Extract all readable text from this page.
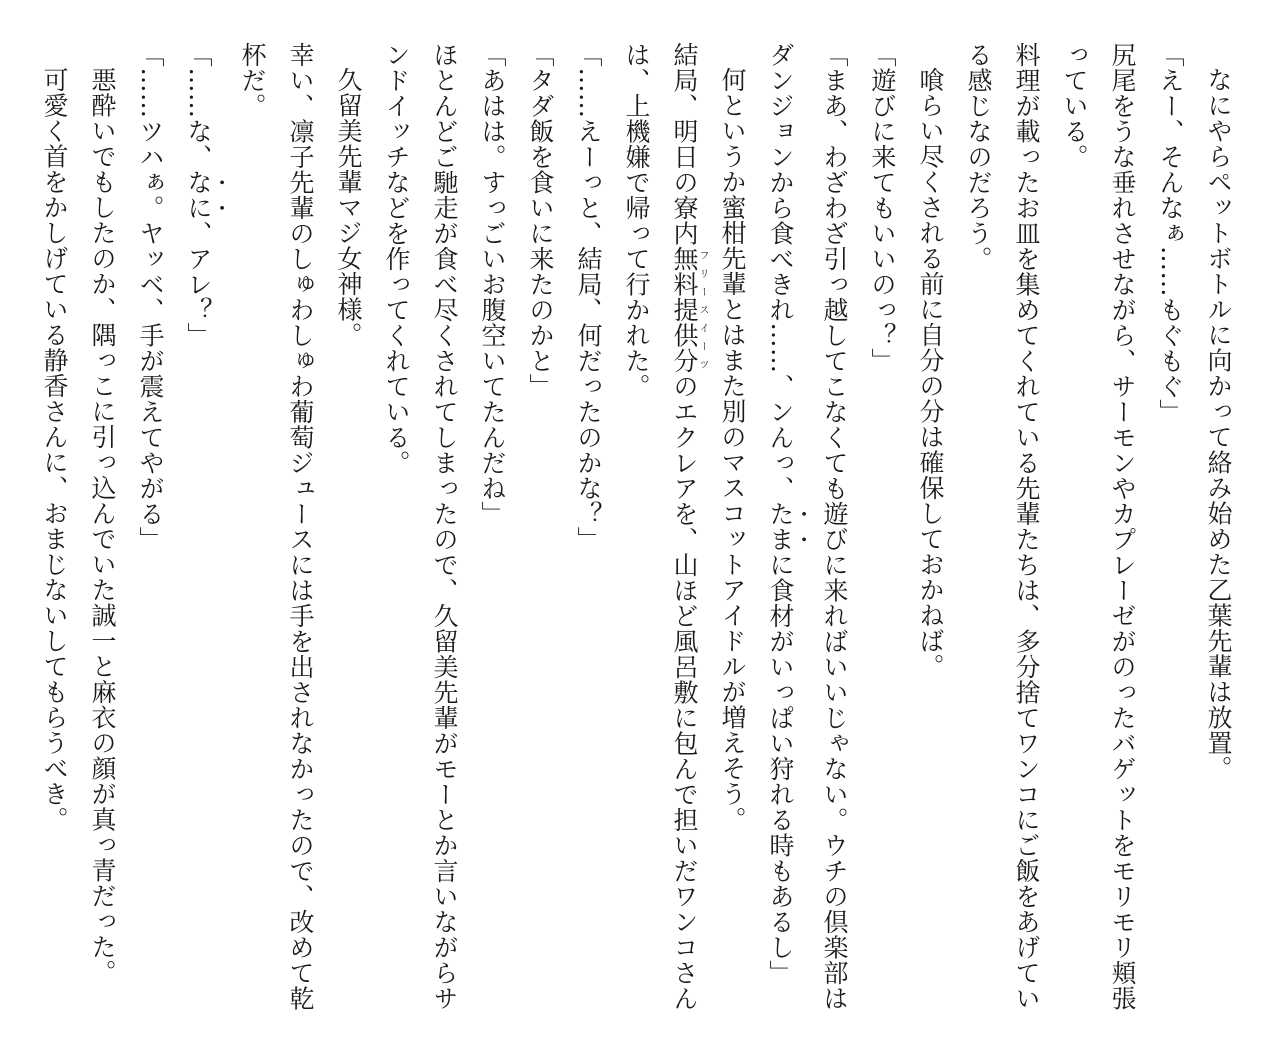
なにやらペットボトルに向かって絡み始めた乙葉先輩は放置。
「えー、そんなぁ……もぐもぐ」
尻尾をうな垂れさせながら、サーモンやカプレーゼがのったバゲットをモリモリ頬張っている。
料理が載ったお皿を集めてくれている先輩たちは、多分捨てワンコにご飯をあげている感じなのだろう。
喰らい尽くされる前に自分の分は確保しておかねば。
「遊びに来てもいいのっ？」
「まあ、わざわざ引っ越してこなくても遊びに来ればいいじゃない。ウチの倶楽部はダンジョンから食べきれ……、ンんっ、たまに食材がいっぱい狩れる時もあるし」
何というか蜜柑先輩とはまた別のマスコットアイドルが増えそう。
結局、明日の寮内無料提供分フリースイーツのエクレアを、山ほど風呂敷に包んで担いだワンコさんは、上機嫌で帰って行かれた。
「……えーっと、結局、何だったのかな？」
「タダ飯を食いに来たのかと」
「あはは。すっごいお腹空いてたんだね」
ほとんどご馳走が食べ尽くされてしまったので、久留美先輩がモーとか言いながらサンドイッチなどを作ってくれている。
久留美先輩マジ女神様。
幸い、凛子先輩のしゅわしゅわ葡萄ジュースには手を出されなかったので、改めて乾杯だ。
「……な、なに、アレ？」
「……ツハぁ。ヤッベ、手が震えてやがる」
悪酔いでもしたのか、隅っこに引っ込んでいた誠一と麻衣の顔が真っ青だった。
可愛く首をかしげている静香さんに、おまじないしてもらうべき。
